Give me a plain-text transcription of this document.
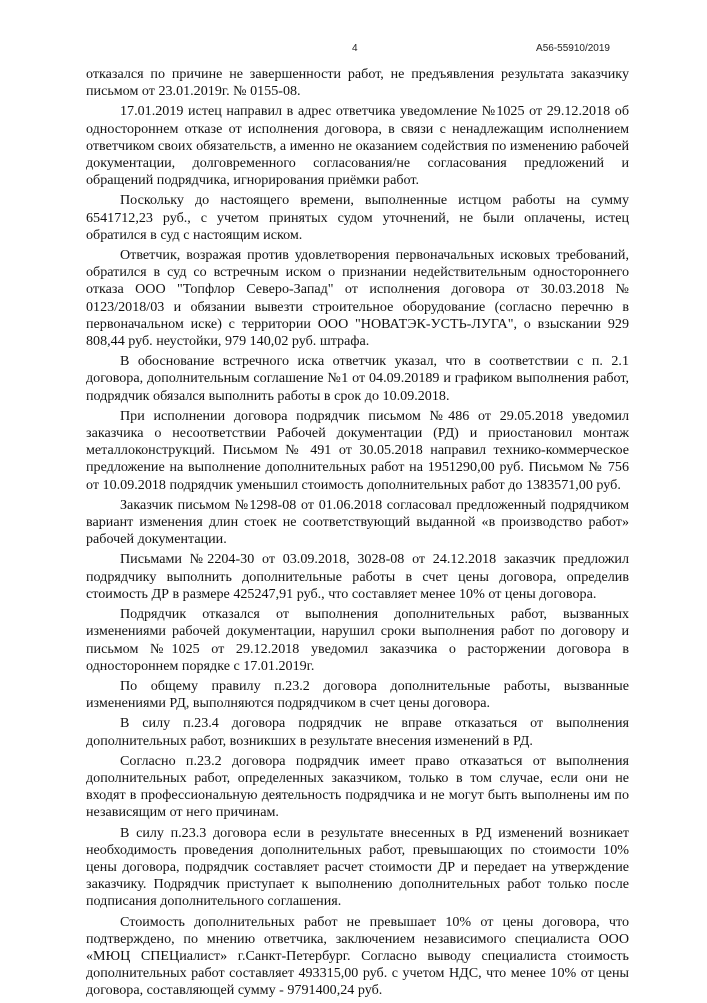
4	А56-55910/2019

отказался по причине не завершенности работ, не предъявления результата заказчику письмом от 23.01.2019г. № 0155-08.

17.01.2019 истец направил в адрес ответчика уведомление №1025 от 29.12.2018 об одностороннем отказе от исполнения договора, в связи с ненадлежащим исполнением ответчиком своих обязательств, а именно не оказанием содействия по изменению рабочей документации, долговременного согласования/не согласования предложений и обращений подрядчика, игнорирования приёмки работ.

Поскольку до настоящего времени, выполненные истцом работы на сумму 6541712,23 руб., с учетом принятых судом уточнений, не были оплачены, истец обратился в суд с настоящим иском.

Ответчик, возражая против удовлетворения первоначальных исковых требований, обратился в суд со встречным иском о признании недействительным одностороннего отказа ООО "Топфлор Северо-Запад" от исполнения договора от 30.03.2018 № 0123/2018/03 и обязании вывезти строительное оборудование (согласно перечню в первоначальном иске) с территории ООО "НОВАТЭК-УСТЬ-ЛУГА", о взыскании 929 808,44 руб. неустойки, 979 140,02 руб. штрафа.

В обоснование встречного иска ответчик указал, что в соответствии с п. 2.1 договора, дополнительным соглашение №1 от 04.09.20189 и графиком выполнения работ, подрядчик обязался выполнить работы в срок до 10.09.2018.

При исполнении договора подрядчик письмом №486 от 29.05.2018 уведомил заказчика о несоответствии Рабочей документации (РД) и приостановил монтаж металлоконструкций. Письмом № 491 от 30.05.2018 направил технико-коммерческое предложение на выполнение дополнительных работ на 1951290,00 руб. Письмом № 756 от 10.09.2018 подрядчик уменьшил стоимость дополнительных работ до 1383571,00 руб.

Заказчик письмом №1298-08 от 01.06.2018 согласовал предложенный подрядчиком вариант изменения длин стоек не соответствующий выданной «в производство работ» рабочей документации.

Письмами №2204-30 от 03.09.2018, 3028-08 от 24.12.2018 заказчик предложил подрядчику выполнить дополнительные работы в счет цены договора, определив стоимость ДР в размере 425247,91 руб., что составляет менее 10% от цены договора.

Подрядчик отказался от выполнения дополнительных работ, вызванных изменениями рабочей документации, нарушил сроки выполнения работ по договору и письмом №1025 от 29.12.2018 уведомил заказчика о расторжении договора в одностороннем порядке с 17.01.2019г.

По общему правилу п.23.2 договора дополнительные работы, вызванные изменениями РД, выполняются подрядчиком в счет цены договора.

В силу п.23.4 договора подрядчик не вправе отказаться от выполнения дополнительных работ, возникших в результате внесения изменений в РД.

Согласно п.23.2 договора подрядчик имеет право отказаться от выполнения дополнительных работ, определенных заказчиком, только в том случае, если они не входят в профессиональную деятельность подрядчика и не могут быть выполнены им по независящим от него причинам.

В силу п.23.3 договора если в результате внесенных в РД изменений возникает необходимость проведения дополнительных работ, превышающих по стоимости 10% цены договора, подрядчик составляет расчет стоимости ДР и передает на утверждение заказчику. Подрядчик приступает к выполнению дополнительных работ только после подписания дополнительного соглашения.

Стоимость дополнительных работ не превышает 10% от цены договора, что подтверждено, по мнению ответчика, заключением независимого специалиста ООО «МЮЦ СПЕЦиалист» г.Санкт-Петербург. Согласно выводу специалиста стоимость дополнительных работ составляет 493315,00 руб. с учетом НДС, что менее 10% от цены договора, составляющей сумму - 9791400,24 руб.
